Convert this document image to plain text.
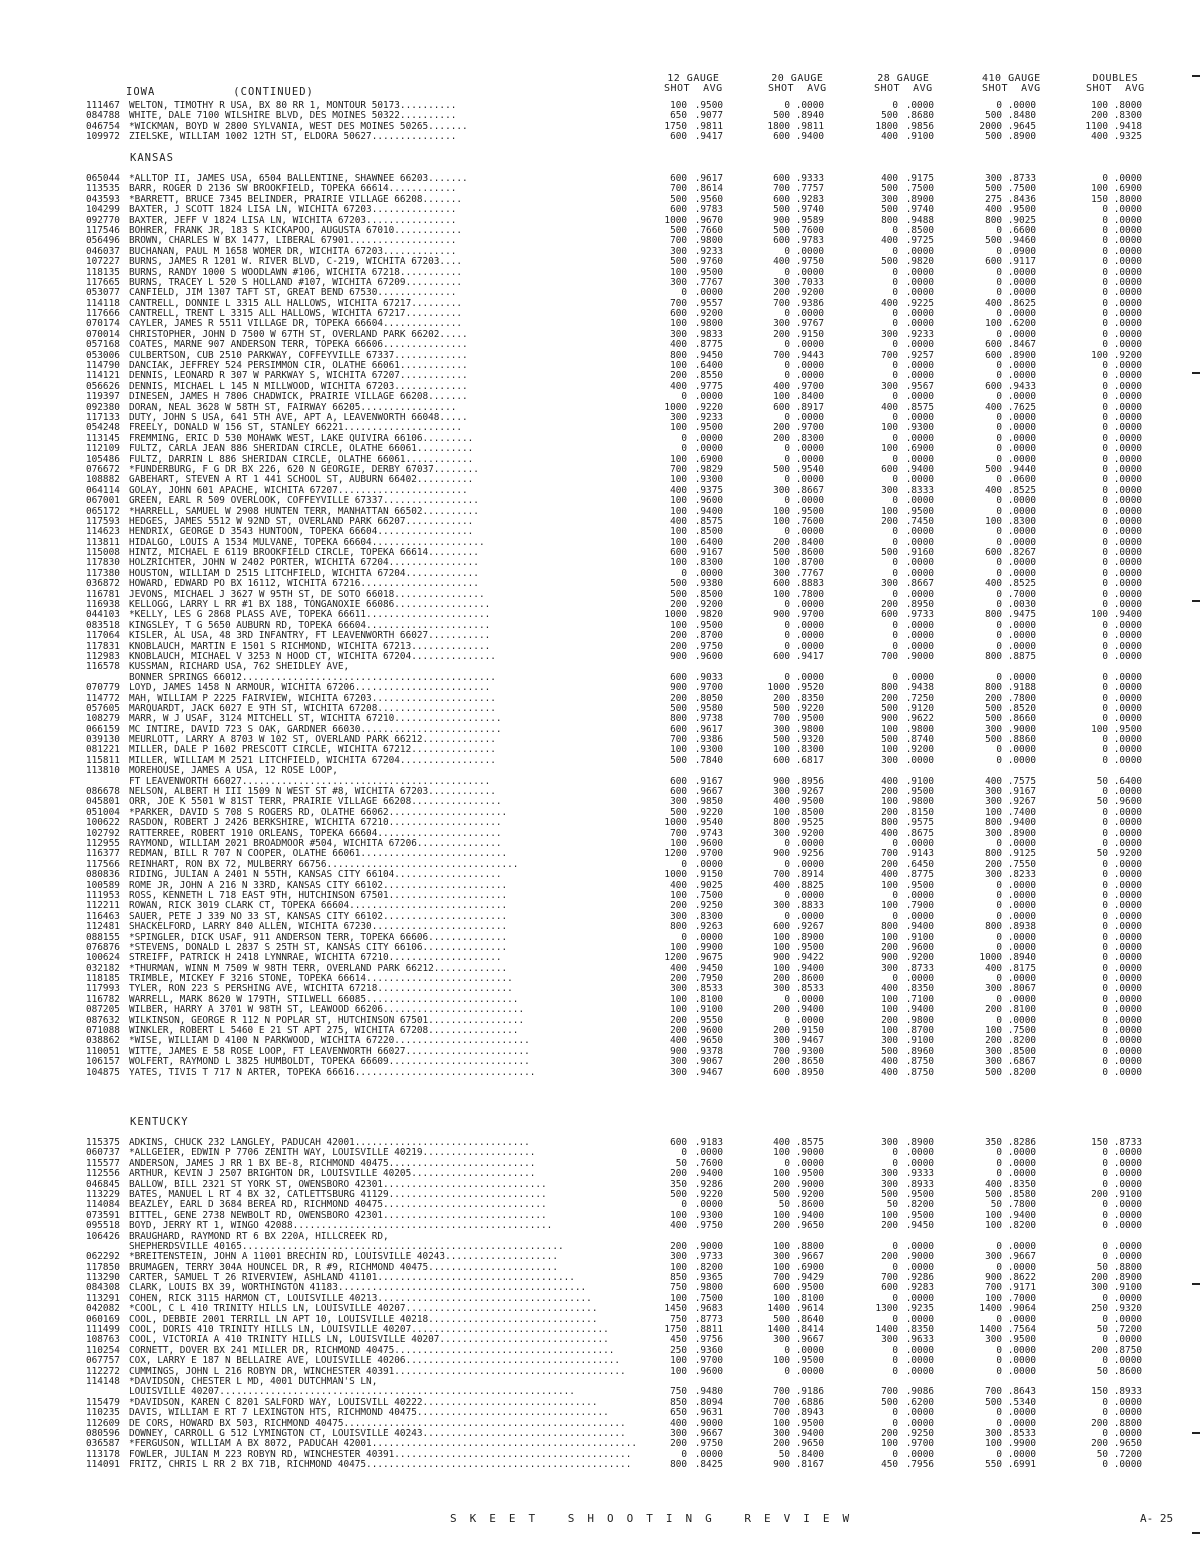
IOWA	(CONTINUED)
12 GAUGE
SHOT  AVG
20 GAUGE
SHOT  AVG
28 GAUGE
SHOT  AVG
410 GAUGE
SHOT  AVG
DOUBLES
SHOT  AVG
111467 WELTON, TIMOTHY R USA, BX 80 RR 1, MONTOUR 50173..........	100 .9500	0 .0000	0 .0000	0 .0000	100 .8000
084788 WHITE, DALE 7100 WILSHIRE BLVD, DES MOINES 50322..........	650 .9077	500 .8940	500 .8680	500 .8480	200 .8300
046754 *WICKMAN, BOYD W 2800 SYLVANIA, WEST DES MOINES 50265.......	1750 .9811	1800 .9811	1800 .9856	2000 .9645	1100 .9418
109972 ZIELSKE, WILLIAM 1002 12TH ST, ELDORA 50627...............	600 .9417	600 .9400	400 .9100	500 .8900	400 .9325
KANSAS
065044 *ALLTOP II, JAMES USA, 6504 BALLENTINE, SHAWNEE 66203.......	600 .9617	600 .9333	400 .9175	300 .8733	0 .0000
113535 BARR, ROGER D 2136 SW BROOKFIELD, TOPEKA 66614............	700 .8614	700 .7757	500 .7500	500 .7500	100 .6900
043593 *BARRETT, BRUCE 7345 BELINDER, PRAIRIE VILLAGE 66208.......	500 .9560	600 .9283	300 .8900	275 .8436	150 .8000
104299 BAXTER, J SCOTT 1824 LISA LN, WICHITA 67203...............	600 .9783	500 .9740	500 .9740	400 .9500	0 .0000
092770 BAXTER, JEFF V 1824 LISA LN, WICHITA 67203................	1000 .9670	900 .9589	800 .9488	800 .9025	0 .0000
117546 BOHRER, FRANK JR, 183 S KICKAPOO, AUGUSTA 67010............	500 .7660	500 .7600	0 .8500	0 .6600	0 .0000
056496 BROWN, CHARLES W BX 1477, LIBERAL 67901...................	700 .9800	600 .9783	400 .9725	500 .9460	0 .0000
046037 BUCHANAN, PAUL M 1658 WOMER DR, WICHITA 67203.............	300 .9233	0 .0000	0 .0000	0 .0900	0 .0000
107227 BURNS, JAMES R 1201 W. RIVER BLVD, C-219, WICHITA 67203....	500 .9760	400 .9750	500 .9820	600 .9117	0 .0000
118135 BURNS, RANDY 1000 S WOODLAWN #106, WICHITA 67218...........	100 .9500	0 .0000	0 .0000	0 .0000	0 .0000
117665 BURNS, TRACEY L 520 S HOLLAND #107, WICHITA 67209..........	300 .7767	300 .7033	0 .0000	0 .0000	0 .0000
053077 CANFIELD, JIM 1307 TAFT ST, GREAT BEND 67530..............	0 .0000	200 .9200	0 .0000	0 .0000	0 .0000
114118 CANTRELL, DONNIE L 3315 ALL HALLOWS, WICHITA 67217.........	700 .9557	700 .9386	400 .9225	400 .8625	0 .0000
117666 CANTRELL, TRENT L 3315 ALL HALLOWS, WICHITA 67217..........	600 .9200	0 .0000	0 .0000	0 .0000	0 .0000
070174 CAYLER, JAMES R 5511 VILLAGE DR, TOPEKA 66604..............	100 .9800	300 .9767	0 .0000	100 .6200	0 .0000
070014 CHRISTOPHER, JOHN D 7500 W 67TH ST, OVERLAND PARK 66202.....	300 .9833	200 .9150	300 .9233	0 .0000	0 .0000
057168 COATES, MARNE 907 ANDERSON TERR, TOPEKA 66606...............	400 .8775	0 .0000	0 .0000	600 .8467	0 .0000
053006 CULBERTSON, CUB 2510 PARKWAY, COFFEYVILLE 67337.............	800 .9450	700 .9443	700 .9257	600 .8900	100 .9200
114790 DANCIAK, JEFFREY 524 PERSIMMON CIR, OLATHE 66061............	100 .6400	0 .0000	0 .0000	0 .0000	0 .0000
114121 DENNIS, LEONARD R 307 W PARKWAY S, WICHITA 67207............	200 .8550	0 .0000	0 .0000	0 .0000	0 .0000
056626 DENNIS, MICHAEL L 145 N MILLWOOD, WICHITA 67203.............	400 .9775	400 .9700	300 .9567	600 .9433	0 .0000
119397 DINESEN, JAMES H 7806 CHADWICK, PRAIRIE VILLAGE 66208.......	0 .0000	100 .8400	0 .0000	0 .0000	0 .0000
092380 DORAN, NEAL 3628 W 58TH ST, FAIRWAY 66205.................	1000 .9220	600 .8917	400 .8575	400 .7625	0 .0000
117133 DUTY, JOHN S USA, 641 5TH AVE, APT A, LEAVENWORTH 66048.....	300 .9233	0 .0000	0 .0000	0 .0000	0 .0000
054248 FREELY, DONALD W 156 ST, STANLEY 66221.....................	100 .9500	200 .9700	100 .9300	0 .0000	0 .0000
113145 FREMMING, ERIC D 530 MOHAWK WEST, LAKE QUIVIRA 66106.........	0 .0000	200 .8300	0 .0000	0 .0000	0 .0000
112109 FULTZ, CARLA JEAN 886 SHERIDAN CIRCLE, OLATHE 66061..........	0 .0000	0 .0000	100 .6900	0 .0000	0 .0000
105486 FULTZ, DARRIN L 886 SHERIDAN CIRCLE, OLATHE 66061............	100 .6900	0 .0000	0 .0000	0 .0000	0 .0000
076672 *FUNDERBURG, F G DR BX 226, 620 N GEORGIE, DERBY 67037........	700 .9829	500 .9540	600 .9400	500 .9440	0 .0000
108882 GABEHART, STEVEN A RT 1 441 SCHOOL ST, AUBURN 66402..........	100 .9300	0 .0000	0 .0000	0 .0600	0 .0000
064114 GOLAY, JOHN 601 APACHE, WICHITA 67207.......................	400 .9375	300 .8667	300 .8333	400 .8525	0 .0000
067001 GREEN, EARL R 509 OVERLOOK, COFFEYVILLE 67337.................	100 .9600	0 .0000	0 .0000	0 .0000	0 .0000
065172 *HARRELL, SAMUEL W 2908 HUNTEN TERR, MANHATTAN 66502..........	100 .9400	100 .9500	100 .9500	0 .0000	0 .0000
117593 HEDGES, JAMES 5512 W 92ND ST, OVERLAND PARK 66207............	400 .8575	100 .7600	200 .7450	100 .8300	0 .0000
114623 HENDRIX, GEORGE D 3543 HUNTOON, TOPEKA 66604.................	100 .8500	0 .0000	0 .0000	0 .0000	0 .0000
113811 HIDALGO, LOUIS A 1534 MULVANE, TOPEKA 66604....................	100 .6400	200 .8400	0 .0000	0 .0000	0 .0000
115008 HINTZ, MICHAEL E 6119 BROOKFIELD CIRCLE, TOPEKA 66614.........	600 .9167	500 .8600	500 .9160	600 .8267	0 .0000
117830 HOLZRICHTER, JOHN W 2402 PORTER, WICHITA 67204................	100 .8300	100 .8700	0 .0000	0 .0000	0 .0000
117380 HOUSTON, WILLIAM D 2515 LITCHFIELD, WICHITA 67204.............	0 .0000	300 .7767	0 .0000	0 .0000	0 .0000
036872 HOWARD, EDWARD PO BX 16112, WICHITA 67216.....................	500 .9380	600 .8883	300 .8667	400 .8525	0 .0000
116781 JEVONS, MICHAEL J 3627 W 95TH ST, DE SOTO 66018................	500 .8500	100 .7800	0 .0000	0 .7000	0 .0000
116938 KELLOGG, LARRY L RR #1 BX 188, TONGANOXIE 66086.................	200 .9200	0 .0000	200 .8950	0 .0030	0 .0000
044103 *KELLY, LES G 2868 PLASS AVE, TOPEKA 66611......................	1000 .9820	900 .9700	600 .9733	800 .9475	100 .9400
083518 KINGSLEY, T G 5650 AUBURN RD, TOPEKA 66604......................	100 .9500	0 .0000	0 .0000	0 .0000	0 .0000
117064 KISLER, AL USA, 48 3RD INFANTRY, FT LEAVENWORTH 66027...........	200 .8700	0 .0000	0 .0000	0 .0000	0 .0000
117831 KNOBLAUCH, MARTIN E 1501 S RICHMOND, WICHITA 67213..............	200 .9750	0 .0000	0 .0000	0 .0000	0 .0000
112983 KNOBLAUCH, MICHAEL V 3253 N HOOD CT, WICHITA 67204...............	900 .9600	600 .9417	700 .9000	800 .8875	0 .0000
116578 KUSSMAN, RICHARD USA, 762 SHEIDLEY AVE,
BONNER SPRINGS 66012.............................................	600 .9033	0 .0000	0 .0000	0 .0000	0 .0000
070779 LOYD, JAMES 1458 N ARMOUR, WICHITA 67206........................	900 .9700	1000 .9520	800 .9438	800 .9188	0 .0000
114772 MAH, WILLIAM P 2225 FAIRVIEW, WICHITA 67203......................	200 .8050	200 .8350	200 .7250	200 .7800	0 .0000
057605 MARQUARDT, JACK 6027 E 9TH ST, WICHITA 67208.....................	500 .9580	500 .9220	500 .9120	500 .8520	0 .0000
108279 MARR, W J USAF, 3124 MITCHELL ST, WICHITA 67210...................	800 .9738	700 .9500	900 .9622	500 .8660	0 .0000
066159 MC INTIRE, DAVID 723 S OAK, GARDNER 66030.........................	600 .9617	300 .9800	100 .9800	300 .9000	100 .9500
039130 MEURLOTT, LARRY A 8703 W 102 ST, OVERLAND PARK 66212.............	700 .9386	500 .9320	500 .8740	500 .8860	0 .0000
081221 MILLER, DALE P 1602 PRESCOTT CIRCLE, WICHITA 67212...............	100 .9300	100 .8300	100 .9200	0 .0000	0 .0000
115811 MILLER, WILLIAM M 2521 LITCHFIELD, WICHITA 67204.................	500 .7840	600 .6817	300 .0000	0 .0000	0 .0000
113810 MOREHOUSE, JAMES A USA, 12 ROSE LOOP,
FT LEAVENWORTH 66027............................................	600 .9167	900 .8956	400 .9100	400 .7575	50 .6400
086678 NELSON, ALBERT H III 1509 N WEST ST #8, WICHITA 67203............	600 .9667	300 .9267	200 .9500	300 .9167	0 .0000
045801 ORR, JOE K 5501 W 81ST TERR, PRAIRIE VILLAGE 66208................	300 .9850	400 .9500	100 .9800	300 .9267	50 .9600
051004 *PARKER, DAVID S 708 S ROGERS RD, OLATHE 66062.....................	500 .9220	100 .8500	200 .8150	100 .7400	0 .0000
100622 RASDON, ROBERT J 2426 BERKSHIRE, WICHITA 67210....................	1000 .9540	800 .9525	800 .9575	800 .9400	0 .0000
102792 RATTERREE, ROBERT 1910 ORLEANS, TOPEKA 66604......................	700 .9743	300 .9200	400 .8675	300 .8900	0 .0000
112955 RAYMOND, WILLIAM 2021 BROADMOOR #504, WICHITA 67206...............	100 .9600	0 .0000	0 .0000	0 .0000	0 .0000
116377 REDMAN, BILL R 707 N COOPER, OLATHE 66061..........................	1200 .9700	900 .9256	700 .9143	800 .9125	50 .9200
117566 REINHART, RON BX 72, MULBERRY 66756..................................	0 .0000	0 .0000	200 .6450	200 .7550	0 .0000
080836 RIDING, JULIAN A 2401 N 55TH, KANSAS CITY 66104...................	1000 .9150	700 .8914	400 .8775	300 .8233	0 .0000
100589 ROME JR, JOHN A 216 N 33RD, KANSAS CITY 66102......................	400 .9025	400 .8825	100 .9500	0 .0000	0 .0000
111953 ROSS, KENNETH L 718 EAST 9TH, HUTCHINSON 67501.....................	100 .7500	0 .0000	0 .0000	0 .0000	0 .0000
112211 ROWAN, RICK 3019 CLARK CT, TOPEKA 66604............................	200 .9250	300 .8833	100 .7900	0 .0000	0 .0000
116463 SAUER, PETE J 339 NO 33 ST, KANSAS CITY 66102......................	300 .8300	0 .0000	0 .0000	0 .0000	0 .0000
112481 SHACKELFORD, LARRY 840 ALLEN, WICHITA 67230........................	800 .9263	600 .9267	800 .9400	800 .8938	0 .0000
088155 *SPINGLER, DICK USAF, 911 ANDERSON TERR, TOPEKA 66606..............	0 .0000	100 .8900	100 .9100	0 .0000	0 .0000
076876 *STEVENS, DONALD L 2837 S 25TH ST, KANSAS CITY 66106...............	100 .9900	100 .9500	200 .9600	0 .0000	0 .0000
100624 STREIFF, PATRICK H 2418 LYNNRAE, WICHITA 67210....................	1200 .9675	900 .9422	900 .9200	1000 .8940	0 .0000
032182 *THURMAN, WINN M 7509 W 98TH TERR, OVERLAND PARK 66212.............	400 .9450	100 .9400	300 .8733	400 .8175	0 .0000
118185 TRIMBLE, MICKEY F 3216 STONE, TOPEKA 66614..........................	200 .7950	200 .8600	0 .0000	0 .0000	0 .0000
117993 TYLER, RON 223 S PERSHING AVE, WICHITA 67218........................	300 .8533	300 .8533	400 .8350	300 .8067	0 .0000
116782 WARRELL, MARK 8620 W 179TH, STILWELL 66085...........................	100 .8100	0 .0000	100 .7100	0 .0000	0 .0000
087205 WILBER, HARRY A 3701 W 98TH ST, LEAWOOD 66206.........................	100 .9100	200 .9400	100 .9400	200 .8100	0 .0000
087632 WILKINSON, GEORGE R 112 N POPLAR ST, HUTCHINSON 67501.................	200 .9550	0 .0000	200 .9800	0 .0000	0 .0000
071088 WINKLER, ROBERT L 5460 E 21 ST APT 275, WICHITA 67208................	200 .9600	200 .9150	100 .8700	100 .7500	0 .0000
038862 *WISE, WILLIAM D 4100 N PARKWOOD, WICHITA 67220........................	400 .9650	300 .9467	300 .9100	200 .8200	0 .0000
110051 WITTE, JAMES E 58 ROSE LOOP, FT LEAVENWORTH 66027......................	900 .9378	700 .9300	500 .8960	300 .8500	0 .0000
106157 WOLFERT, RAYMOND L 3825 HUMBOLDT, TOPEKA 66609.........................	300 .9067	200 .8650	400 .8750	300 .6867	0 .0000
104875 YATES, TIVIS T 717 N ARTER, TOPEKA 66616................................	300 .9467	600 .8950	400 .8750	500 .8200	0 .0000
KENTUCKY
115375 ADKINS, CHUCK 232 LANGLEY, PADUCAH 42001...............................	600 .9183	400 .8575	300 .8900	350 .8286	150 .8733
060737 *ALLGEIER, EDWIN P 7706 ZENITH WAY, LOUISVILLE 40219....................	0 .0000	100 .9000	0 .0000	0 .0000	0 .0000
115577 ANDERSON, JAMES J RR 1 BX BE-8, RICHMOND 40475..........................	50 .7600	0 .0000	0 .0000	0 .0000	0 .0000
112556 ARTHUR, KEVIN J 2507 BRIGHTON DR, LOUISVILLE 40205......................	200 .9400	100 .9500	300 .9333	0 .0000	0 .0000
046845 BALLOW, BILL 2321 ST YORK ST, OWENSBORO 42301.............................	350 .9286	200 .9000	300 .8933	400 .8350	0 .0000
113229 BATES, MANUEL L RT 4 BX 32, CATLETTSBURG 41129............................	500 .9220	500 .9200	500 .9500	500 .8580	200 .9100
114084 BEAZLEY, EARL D 3684 BEREA RD, RICHMOND 40475.............................	0 .0000	50 .8600	50 .8200	50 .7800	0 .0000
073591 BITTEL, GENE 2738 NEWBOLT RD, OWENSBORO 42301.............................	100 .9300	100 .9400	100 .9500	100 .9400	0 .0000
095518 BOYD, JERRY RT 1, WINGO 42088..............................................	400 .9750	200 .9650	200 .9450	100 .8200	0 .0000
106426 BRAUGHARD, RAYMOND RT 6 BX 220A, HILLCREEK RD,
SHEPHERDSVILLE 40165.........................................................	200 .9000	100 .8800	0 .0000	0 .0000	0 .0000
062292 *BREITENSTEIN, JOHN A 11001 BRECHIN RD, LOUISVILLE 40243....................	300 .9733	300 .9667	200 .9000	300 .9667	0 .0000
117850 BRUMAGEN, TERRY 304A HOUNCEL DR, R #9, RICHMOND 40475.......................	100 .8200	100 .6900	0 .0000	0 .0000	50 .8800
113290 CARTER, SAMUEL T 26 RIVERVIEW, ASHLAND 41101...................................	850 .9365	700 .9429	700 .9286	900 .8622	200 .8900
084308 CLARK, LOUIS BX 39, WORTHINGTON 41183............................................	750 .9800	600 .9500	600 .9283	700 .9171	300 .9100
113291 COHEN, RICK 3115 HARMON CT, LOUISVILLE 40213......................................	100 .7500	100 .8100	0 .0000	100 .7000	0 .0000
042082 *COOL, C L 410 TRINITY HILLS LN, LOUISVILLE 40207..................................	1450 .9683	1400 .9614	1300 .9235	1400 .9064	250 .9320
060169 COOL, DEBBIE 2001 TERRILL LN APT 10, LOUISVILLE 40218..............................	750 .8773	500 .8640	0 .0000	0 .0000	0 .0000
111499 COOL, DORIS 410 TRINITY HILLS LN, LOUISVILLE 40207...................................	1750 .8811	1400 .8414	1400 .8350	1400 .7564	50 .7200
108763 COOL, VICTORIA A 410 TRINITY HILLS LN, LOUISVILLE 40207..............................	450 .9756	300 .9667	300 .9633	300 .9500	0 .0000
110254 CORNETT, DOVER BX 241 MILLER DR, RICHMOND 40475.......................................	250 .9360	0 .0000	0 .0000	0 .0000	200 .8750
067757 COX, LARRY E 187 N BELLAIRE AVE, LOUISVILLE 40206......................................	100 .9700	100 .9500	0 .0000	0 .0000	0 .0000
112272 CUMMINGS, JOHN L 216 ROBYN DR, WINCHESTER 40391.........................................	100 .9600	0 .0000	0 .0000	0 .0000	50 .8600
114148 *DAVIDSON, CHESTER L MD, 4001 DUTCHMAN'S LN,
LOUISVILLE 40207...............................................................	750 .9480	700 .9186	700 .9086	700 .8643	150 .8933
115479 *DAVIDSON, KAREN C 8201 SALFORD WAY, LOUISVILL 40222...............................	850 .8094	700 .6886	500 .6200	500 .5340	0 .0000
110235 DAVIS, WILLIAM E RT 7 LEXINGTON HTS, RICHMOND 40475..................................	650 .9631	700 .8943	0 .0000	0 .0000	0 .0000
112609 DE CORS, HOWARD BX 503, RICHMOND 40475..................................................	400 .9000	100 .9500	0 .0000	0 .0000	200 .8800
080596 DOWNEY, CARROLL G 512 LYMINGTON CT, LOUISVILLE 40243....................................	300 .9667	300 .9400	200 .9250	300 .8533	0 .0000
036587 *FERGUSON, WILLIAM A BX 8072, PADUCAH 42001...............................................	200 .9750	200 .9650	100 .9700	100 .9900	200 .9650
113178 FOWLER, JULIAN M 223 ROBYN RD, WINCHESTER 40391..........................................	0 .0000	50 .8400	0 .0000	0 .0000	50 .7200
114091 FRITZ, CHRIS L RR 2 BX 71B, RICHMOND 40475...............................................	800 .8425	900 .8167	450 .7956	550 .6991	0 .0000
SKEET SHOOTING REVIEW	A- 25
